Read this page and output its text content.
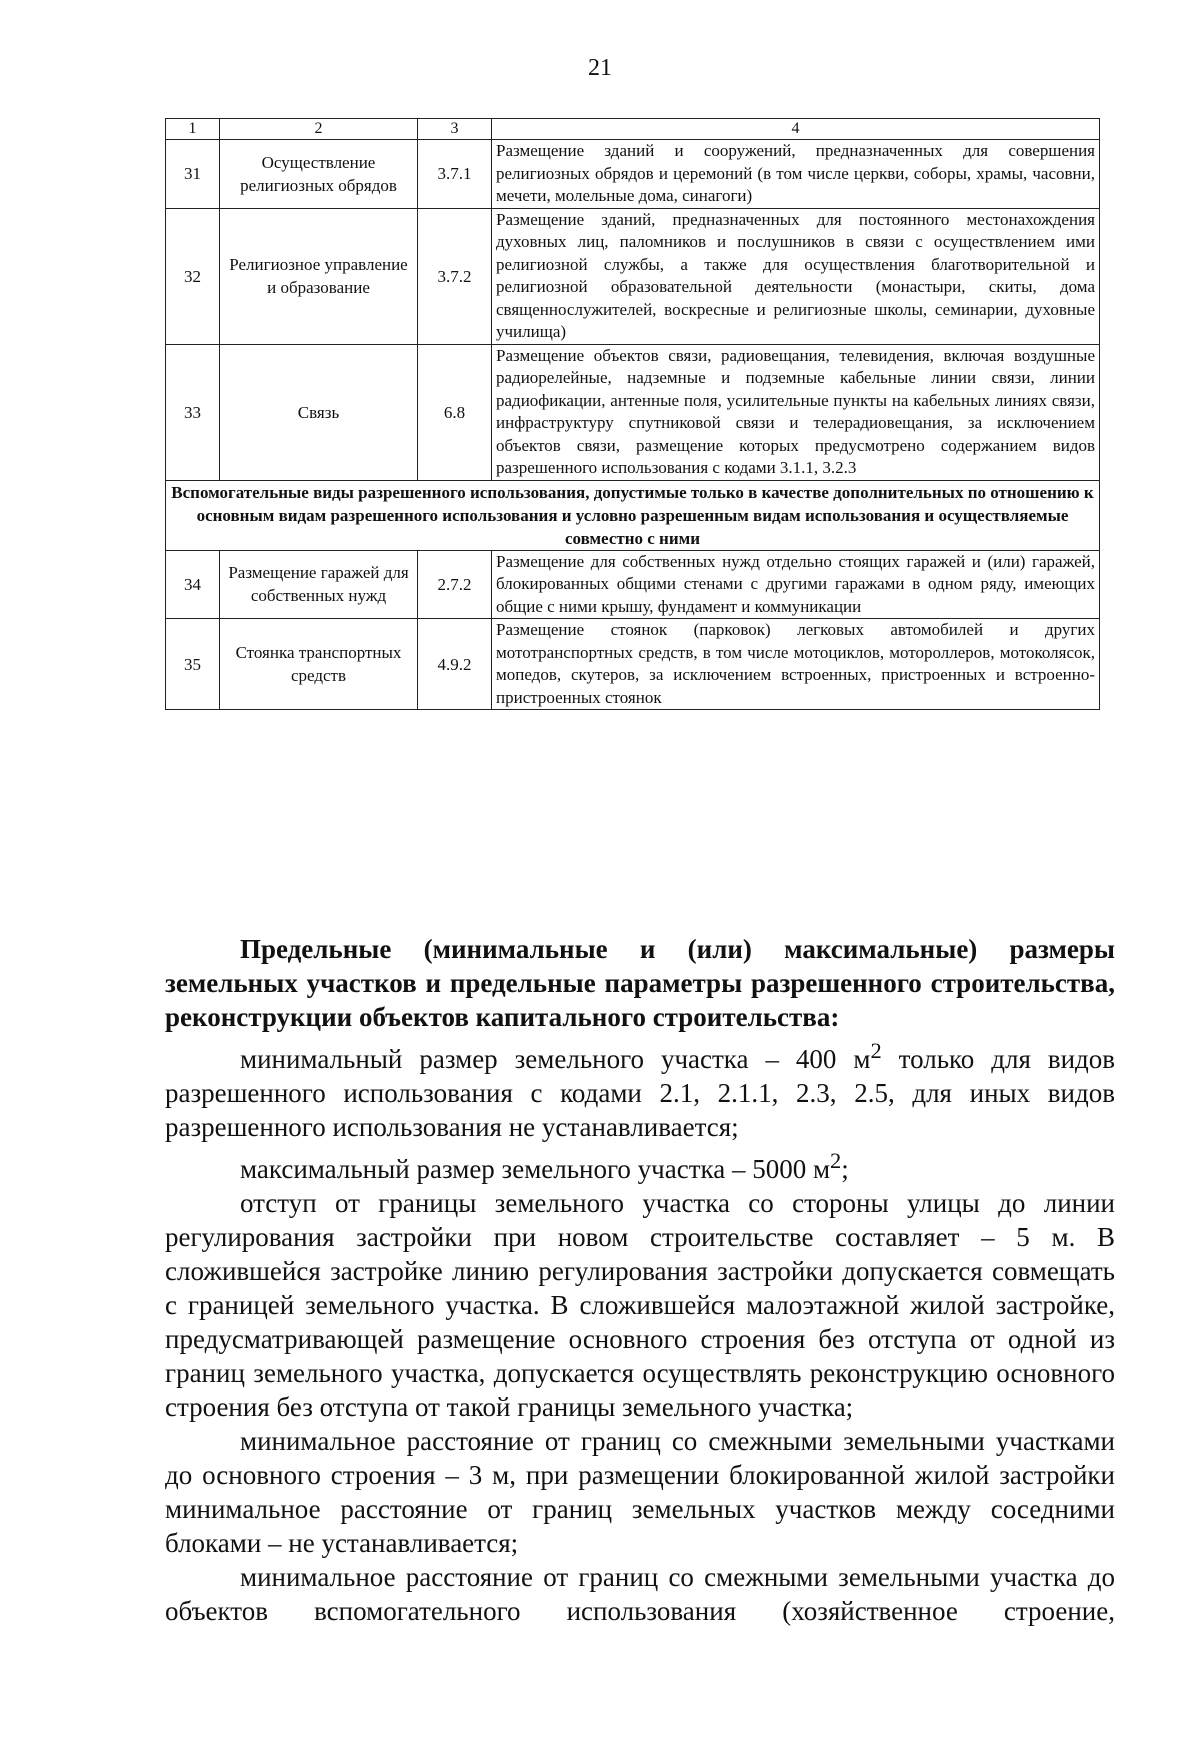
21
1	2	3	4
31	Осуществление религиозных обрядов	3.7.1	Размещение зданий и сооружений, предназначенных для совершения религиозных обрядов и церемоний (в том числе церкви, соборы, храмы, часовни, мечети, молельные дома, синагоги)
32	Религиозное управление и образование	3.7.2	Размещение зданий, предназначенных для постоянного местонахождения духовных лиц, паломников и послушников в связи с осуществлением ими религиозной службы, а также для осуществления благотворительной и религиозной образовательной деятельности (монастыри, скиты, дома священнослужителей, воскресные и религиозные школы, семинарии, духовные училища)
33	Связь	6.8	Размещение объектов связи, радиовещания, телевидения, включая воздушные радиорелейные, надземные и подземные кабельные линии связи, линии радиофикации, антенные поля, усилительные пункты на кабельных линиях связи, инфраструктуру спутниковой связи и телерадиовещания, за исключением объектов связи, размещение которых предусмотрено содержанием видов разрешенного использования с кодами 3.1.1, 3.2.3
Вспомогательные виды разрешенного использования, допустимые только в качестве дополнительных по отношению к основным видам разрешенного использования и условно разрешенным видам использования и осуществляемые совместно с ними			
34	Размещение гаражей для собственных нужд	2.7.2	Размещение для собственных нужд отдельно стоящих гаражей и (или) гаражей, блокированных общими стенами с другими гаражами в одном ряду, имеющих общие с ними крышу, фундамент и коммуникации
35	Стоянка транспортных средств	4.9.2	Размещение стоянок (парковок) легковых автомобилей и других мототранспортных средств, в том числе мотоциклов, мотороллеров, мотоколясок, мопедов, скутеров, за исключением встроенных, пристроенных и встроенно-пристроенных стоянок
Предельные (минимальные и (или) максимальные) размеры земельных участков и предельные параметры разрешенного строительства, реконструкции объектов капитального строительства:

минимальный размер земельного участка – 400 $м^2$ только для видов разрешенного использования с кодами 2.1, 2.1.1, 2.3, 2.5, для иных видов разрешенного использования не устанавливается;

максимальный размер земельного участка – 5000 $м^2$;

отступ от границы земельного участка со стороны улицы до линии регулирования застройки при новом строительстве составляет – 5 м. В сложившейся застройке линию регулирования застройки допускается совмещать с границей земельного участка. В сложившейся малоэтажной жилой застройке, предусматривающей размещение основного строения без отступа от одной из границ земельного участка, допускается осуществлять реконструкцию основного строения без отступа от такой границы земельного участка;

минимальное расстояние от границ со смежными земельными участками до основного строения – 3 м, при размещении блокированной жилой застройки минимальное расстояние от границ земельных участков между соседними блоками – не устанавливается;

минимальное расстояние от границ со смежными земельными участка до объектов вспомогательного использования (хозяйственное строение,
